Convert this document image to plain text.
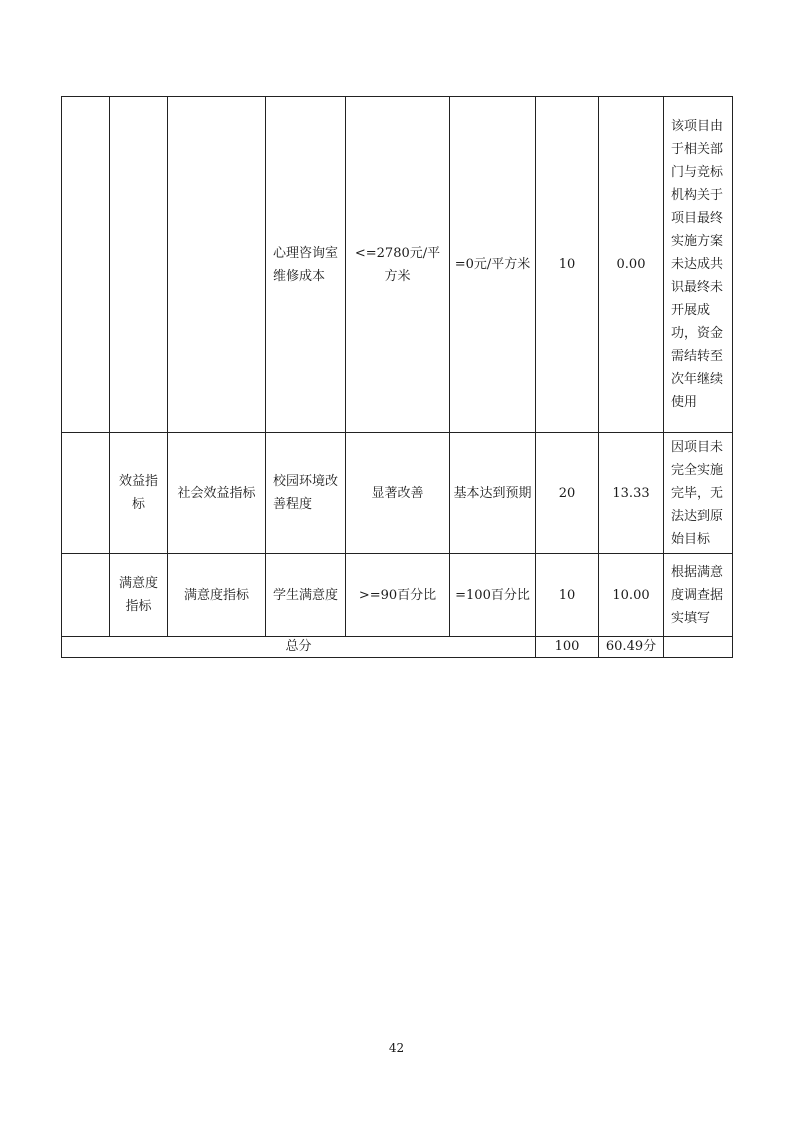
			心理咨询室维修成本	<=2780元/平方米	=0元/平方米	10	0.00	该项目由于相关部门与竞标机构关于项目最终实施方案未达成共识最终未开展成功，资金需结转至次年继续使用
	效益指标	社会效益指标	校园环境改善程度	显著改善	基本达到预期	20	13.33	因项目未完全实施完毕，无法达到原始目标
	满意度指标	满意度指标	学生满意度	>=90百分比	=100百分比	10	10.00	根据满意度调查据实填写
总分						100	60.49分	
42
